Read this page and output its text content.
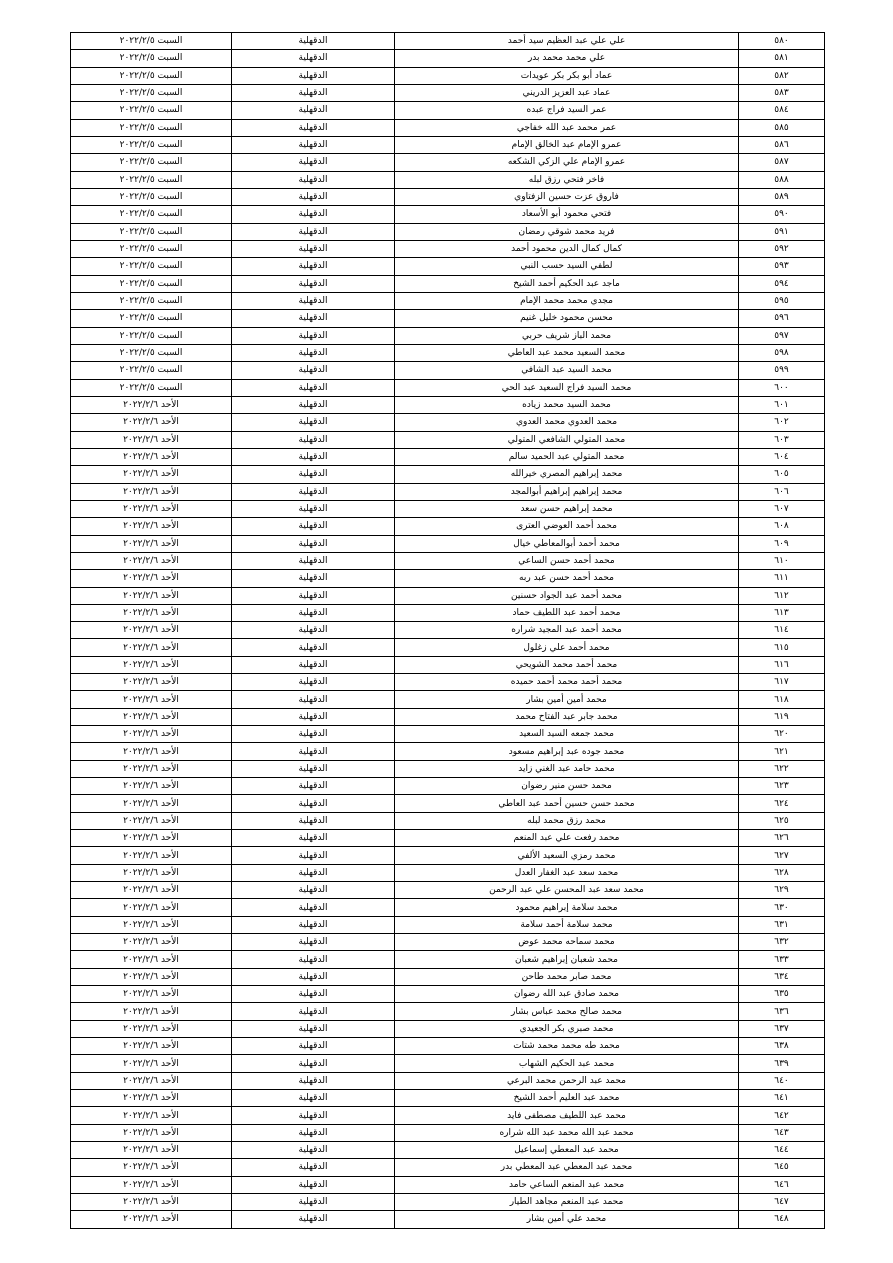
٥٨٠	علي علي عبد العظيم سيد أحمد	الدقهلية	السبت ٢٠٢٢/٢/٥
٥٨١	علي محمد محمد بدر	الدقهلية	السبت ٢٠٢٢/٢/٥
٥٨٢	عماد أبو بكر بكر عويدات	الدقهلية	السبت ٢٠٢٢/٢/٥
٥٨٣	عماد عبد العزيز الدريني	الدقهلية	السبت ٢٠٢٢/٢/٥
٥٨٤	عمر السيد فراج عبده	الدقهلية	السبت ٢٠٢٢/٢/٥
٥٨٥	عمر محمد عبد الله خفاجي	الدقهلية	السبت ٢٠٢٢/٢/٥
٥٨٦	عمرو الإمام عبد الخالق الإمام	الدقهلية	السبت ٢٠٢٢/٢/٥
٥٨٧	عمرو الإمام علي الزكي الشكعه	الدقهلية	السبت ٢٠٢٢/٢/٥
٥٨٨	فاخر فتحي رزق لبله	الدقهلية	السبت ٢٠٢٢/٢/٥
٥٨٩	فاروق عزت حسين الزفتاوي	الدقهلية	السبت ٢٠٢٢/٢/٥
٥٩٠	فتحي محمود أبو الأسعاد	الدقهلية	السبت ٢٠٢٢/٢/٥
٥٩١	فريد محمد شوقي رمضان	الدقهلية	السبت ٢٠٢٢/٢/٥
٥٩٢	كمال كمال الدين محمود أحمد	الدقهلية	السبت ٢٠٢٢/٢/٥
٥٩٣	لطفي السيد حسب النبي	الدقهلية	السبت ٢٠٢٢/٢/٥
٥٩٤	ماجد عبد الحكيم أحمد الشيخ	الدقهلية	السبت ٢٠٢٢/٢/٥
٥٩٥	مجدي محمد محمد الإمام	الدقهلية	السبت ٢٠٢٢/٢/٥
٥٩٦	محسن محمود خليل غنيم	الدقهلية	السبت ٢٠٢٢/٢/٥
٥٩٧	محمد الباز شريف حربي	الدقهلية	السبت ٢٠٢٢/٢/٥
٥٩٨	محمد السعيد محمد عبد العاطي	الدقهلية	السبت ٢٠٢٢/٢/٥
٥٩٩	محمد السيد عبد الشافي	الدقهلية	السبت ٢٠٢٢/٢/٥
٦٠٠	محمد السيد فراج السعيد عبد الحي	الدقهلية	السبت ٢٠٢٢/٢/٥
٦٠١	محمد السيد محمد زياده	الدقهلية	الأحد ٢٠٢٢/٢/٦
٦٠٢	محمد العدوي محمد العدوي	الدقهلية	الأحد ٢٠٢٢/٢/٦
٦٠٣	محمد المتولي الشافعي المتولي	الدقهلية	الأحد ٢٠٢٢/٢/٦
٦٠٤	محمد المتولي عبد الحميد سالم	الدقهلية	الأحد ٢٠٢٢/٢/٦
٦٠٥	محمد إبراهيم المصري خيرالله	الدقهلية	الأحد ٢٠٢٢/٢/٦
٦٠٦	محمد إبراهيم إبراهيم أبوالمجد	الدقهلية	الأحد ٢٠٢٢/٢/٦
٦٠٧	محمد إبراهيم حسن سعد	الدقهلية	الأحد ٢٠٢٢/٢/٦
٦٠٨	محمد أحمد العوضي العترى	الدقهلية	الأحد ٢٠٢٢/٢/٦
٦٠٩	محمد أحمد أبوالمعاطي خيال	الدقهلية	الأحد ٢٠٢٢/٢/٦
٦١٠	محمد أحمد حسن الساعي	الدقهلية	الأحد ٢٠٢٢/٢/٦
٦١١	محمد أحمد حسن عبد ربه	الدقهلية	الأحد ٢٠٢٢/٢/٦
٦١٢	محمد أحمد عبد الجواد حسنين	الدقهلية	الأحد ٢٠٢٢/٢/٦
٦١٣	محمد أحمد عبد اللطيف حماد	الدقهلية	الأحد ٢٠٢٢/٢/٦
٦١٤	محمد أحمد عبد المجيد شراره	الدقهلية	الأحد ٢٠٢٢/٢/٦
٦١٥	محمد أحمد علي زغلول	الدقهلية	الأحد ٢٠٢٢/٢/٦
٦١٦	محمد أحمد محمد الشويحي	الدقهلية	الأحد ٢٠٢٢/٢/٦
٦١٧	محمد أحمد محمد أحمد حميده	الدقهلية	الأحد ٢٠٢٢/٢/٦
٦١٨	محمد أمين أمين بشار	الدقهلية	الأحد ٢٠٢٢/٢/٦
٦١٩	محمد جابر عبد الفتاح محمد	الدقهلية	الأحد ٢٠٢٢/٢/٦
٦٢٠	محمد جمعه السيد السعيد	الدقهلية	الأحد ٢٠٢٢/٢/٦
٦٢١	محمد جوده عبد إبراهيم مسعود	الدقهلية	الأحد ٢٠٢٢/٢/٦
٦٢٢	محمد حامد عبد الغني زايد	الدقهلية	الأحد ٢٠٢٢/٢/٦
٦٢٣	محمد حسن منير رضوان	الدقهلية	الأحد ٢٠٢٢/٢/٦
٦٢٤	محمد حسن حسين أحمد عبد العاطي	الدقهلية	الأحد ٢٠٢٢/٢/٦
٦٢٥	محمد رزق محمد لبله	الدقهلية	الأحد ٢٠٢٢/٢/٦
٦٢٦	محمد رفعت علي عبد المنعم	الدقهلية	الأحد ٢٠٢٢/٢/٦
٦٢٧	محمد رمزي السعيد الألفي	الدقهلية	الأحد ٢٠٢٢/٢/٦
٦٢٨	محمد سعد عبد الغفار العدل	الدقهلية	الأحد ٢٠٢٢/٢/٦
٦٢٩	محمد سعد عبد المحسن علي عبد الرحمن	الدقهلية	الأحد ٢٠٢٢/٢/٦
٦٣٠	محمد سلامة إبراهيم محمود	الدقهلية	الأحد ٢٠٢٢/٢/٦
٦٣١	محمد سلامة أحمد سلامة	الدقهلية	الأحد ٢٠٢٢/٢/٦
٦٣٢	محمد سماحه محمد عوض	الدقهلية	الأحد ٢٠٢٢/٢/٦
٦٣٣	محمد شعبان إبراهيم شعبان	الدقهلية	الأحد ٢٠٢٢/٢/٦
٦٣٤	محمد صابر محمد طاحن	الدقهلية	الأحد ٢٠٢٢/٢/٦
٦٣٥	محمد صادق عبد الله رضوان	الدقهلية	الأحد ٢٠٢٢/٢/٦
٦٣٦	محمد صالح محمد عباس بشار	الدقهلية	الأحد ٢٠٢٢/٢/٦
٦٣٧	محمد صبري بكر الجعيدي	الدقهلية	الأحد ٢٠٢٢/٢/٦
٦٣٨	محمد طه محمد محمد شتات	الدقهلية	الأحد ٢٠٢٢/٢/٦
٦٣٩	محمد عبد الحكيم الشهاب	الدقهلية	الأحد ٢٠٢٢/٢/٦
٦٤٠	محمد عبد الرحمن محمد البرعي	الدقهلية	الأحد ٢٠٢٢/٢/٦
٦٤١	محمد عبد العليم أحمد الشيخ	الدقهلية	الأحد ٢٠٢٢/٢/٦
٦٤٢	محمد عبد اللطيف مصطفى فايد	الدقهلية	الأحد ٢٠٢٢/٢/٦
٦٤٣	محمد عبد الله محمد عبد الله شراره	الدقهلية	الأحد ٢٠٢٢/٢/٦
٦٤٤	محمد عبد المعطي إسماعيل	الدقهلية	الأحد ٢٠٢٢/٢/٦
٦٤٥	محمد عبد المعطي عبد المعطي بدر	الدقهلية	الأحد ٢٠٢٢/٢/٦
٦٤٦	محمد عبد المنعم الساعي حامد	الدقهلية	الأحد ٢٠٢٢/٢/٦
٦٤٧	محمد عبد المنعم مجاهد الطيار	الدقهلية	الأحد ٢٠٢٢/٢/٦
٦٤٨	محمد علي أمين بشار	الدقهلية	الأحد ٢٠٢٢/٢/٦
